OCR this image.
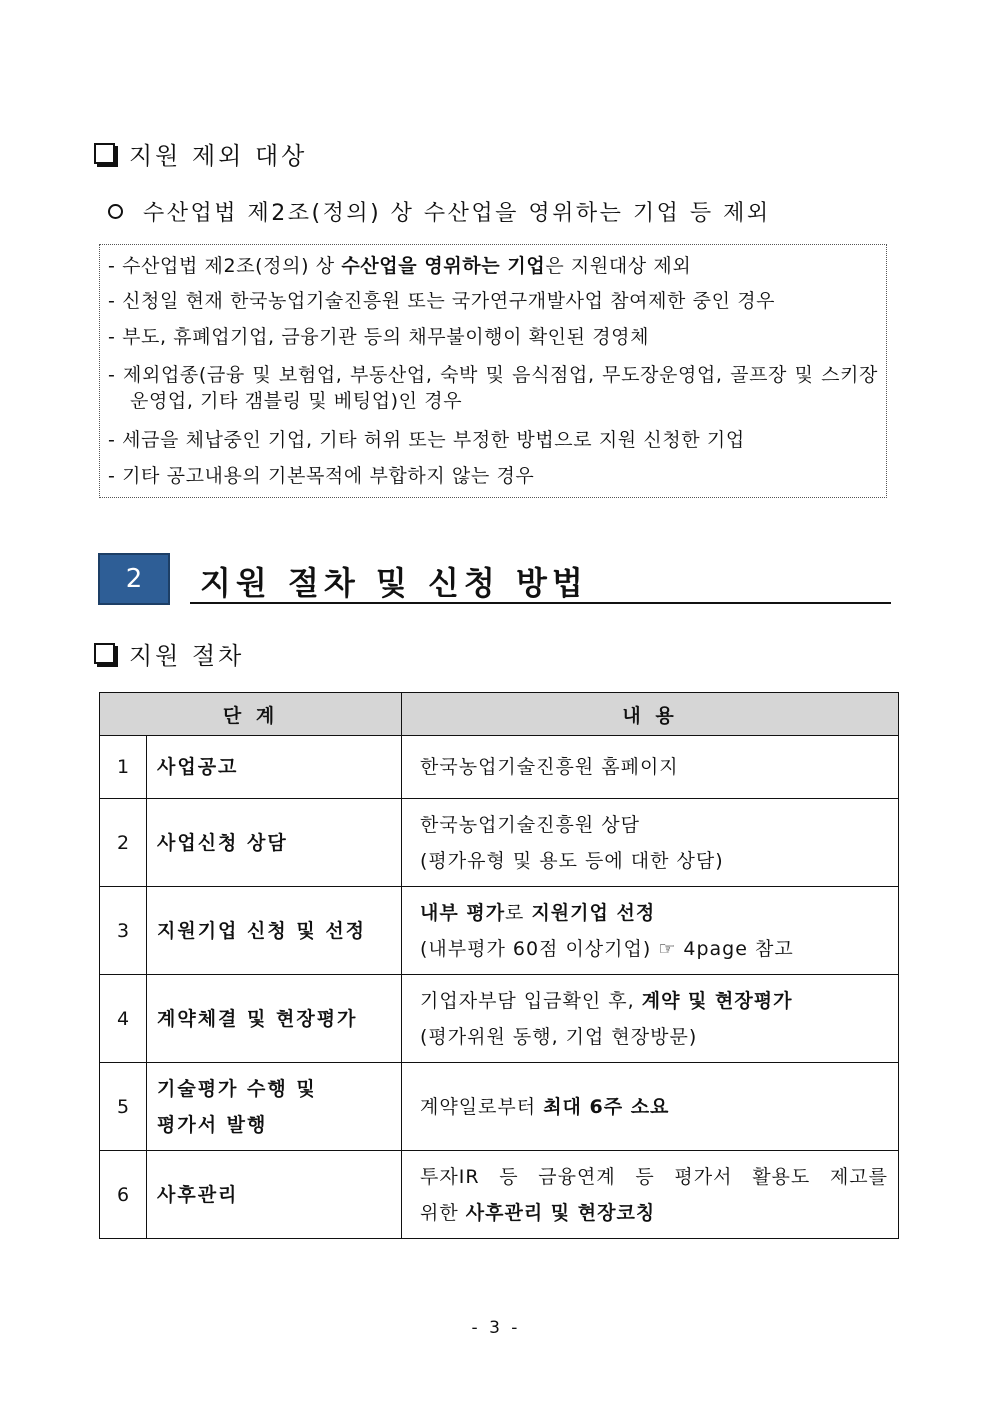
지원 제외 대상
수산업법 제2조(정의) 상 수산업을 영위하는 기업 등 제외
- 수산업법 제2조(정의) 상 수산업을 영위하는 기업은 지원대상 제외
- 신청일 현재 한국농업기술진흥원 또는 국가연구개발사업 참여제한 중인 경우
- 부도, 휴폐업기업, 금융기관 등의 채무불이행이 확인된 경영체
- 제외업종(금융 및 보험업, 부동산업, 숙박 및 음식점업, 무도장운영업, 골프장 및 스키장운영업, 기타 갬블링 및 베팅업)인 경우
- 세금을 체납중인 기업, 기타 허위 또는 부정한 방법으로 지원 신청한 기업
- 기타 공고내용의 기본목적에 부합하지 않는 경우
2	지원 절차 및 신청 방법
지원 절차
단 계		내 용
1	사업공고	한국농업기술진흥원 홈페이지

2	사업신청 상담	한국농업기술진흥원 상담
(평가유형 및 용도 등에 대한 상담)

3	지원기업 신청 및 선정	내부 평가로 지원기업 선정
(내부평가 60점 이상기업) ☞ 4page 참고

4	계약체결 및 현장평가	기업자부담 입금확인 후, 계약 및 현장평가
(평가위원 동행, 기업 현장방문)

5	기술평가 수행 및 평가서 발행	계약일로부터 최대 6주 소요

6	사후관리	투자IR 등 금융연계 등 평가서 활용도 제고를
위한 사후관리 및 현장코칭
- 3 -
